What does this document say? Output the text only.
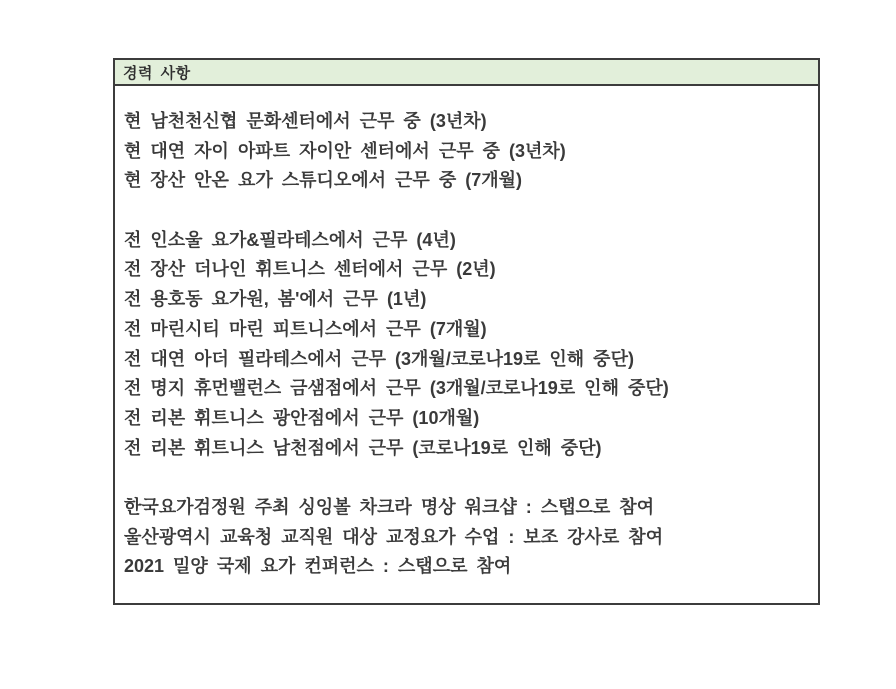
경력 사항
현 남천천신협 문화센터에서 근무 중 (3년차)
현 대연 자이 아파트 자이안 센터에서 근무 중 (3년차)
현 장산 안온 요가 스튜디오에서 근무 중 (7개월)
전 인소울 요가&필라테스에서 근무 (4년)
전 장산 더나인 휘트니스 센터에서 근무 (2년)
전 용호동 요가원, 봄'에서 근무 (1년)
전 마린시티 마린 피트니스에서 근무 (7개월)
전 대연 아더 필라테스에서 근무 (3개월/코로나19로 인해 중단)
전 명지 휴먼밸런스 금샘점에서 근무 (3개월/코로나19로 인해 중단)
전 리본 휘트니스 광안점에서 근무 (10개월)
전 리본 휘트니스 남천점에서 근무 (코로나19로 인해 중단)
한국요가검정원 주최 싱잉볼 차크라 명상 워크샵 : 스탭으로 참여
울산광역시 교육청 교직원 대상 교정요가 수업 : 보조 강사로 참여
2021 밀양 국제 요가 컨퍼런스 : 스탭으로 참여
